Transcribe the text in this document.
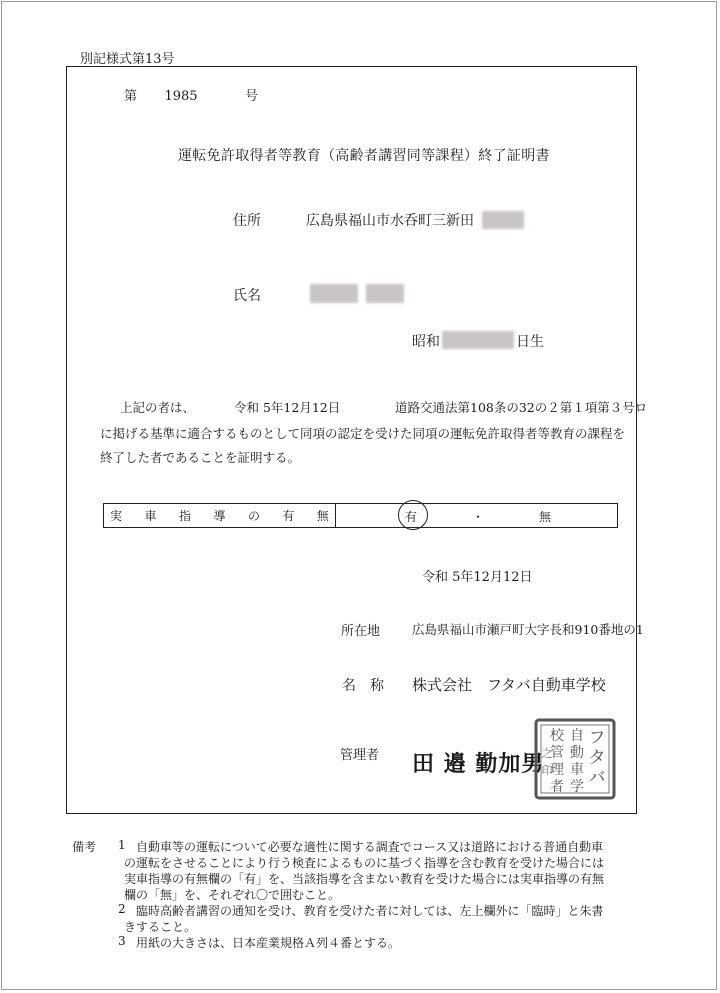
別記様式第13号
第 1985	号
運転免許取得者等教育（高齢者講習同等課程）終了証明書
住所	広島県福山市水呑町三新田
氏名
昭和	日生
上記の者は、	令和 5年12月12日	道路交通法第108条の32の２第１項第３号ロ
に掲げる基準に適合するものとして同項の認定を受けた同項の運転免許取得者等教育の課程を
終了した者であることを証明する。
実 車 指 導 の 有 無	有	・	無
令和 5年12月12日
所在地	広島県福山市瀬戸町大字長和910番地の1
名　称 株式会社　フタバ自動車学校
管理者 田 邉 勤加男
フ
タ
バ
自
動
車
学
校
管
理
者
之
印
備考 1 自動車等の運転について必要な適性に関する調査でコース又は道路における普通自動車
の運転をさせることにより行う検査によるものに基づく指導を含む教育を受けた場合には
実車指導の有無欄の「有」を、当該指導を含まない教育を受けた場合には実車指導の有無
欄の「無」を、それぞれ〇で囲むこと。
2 臨時高齢者講習の通知を受け、教育を受けた者に対しては、左上欄外に「臨時」と朱書
きすること。
3 用紙の大きさは、日本産業規格Ａ列４番とする。
